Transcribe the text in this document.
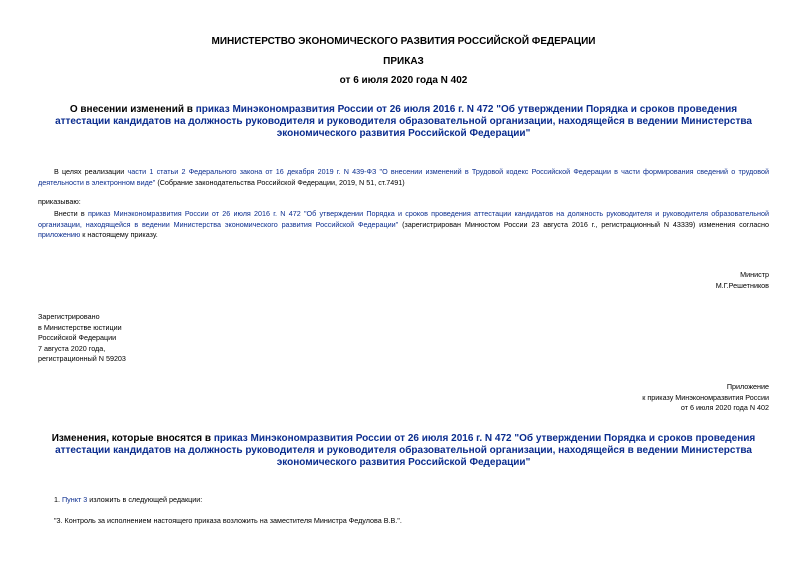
МИНИСТЕРСТВО ЭКОНОМИЧЕСКОГО РАЗВИТИЯ РОССИЙСКОЙ ФЕДЕРАЦИИ
ПРИКАЗ
от 6 июля 2020 года N 402
О внесении изменений в приказ Минэкономразвития России от 26 июля 2016 г. N 472 "Об утверждении Порядка и сроков проведения аттестации кандидатов на должность руководителя и руководителя образовательной организации, находящейся в ведении Министерства экономического развития Российской Федерации"
В целях реализации части 1 статьи 2 Федерального закона от 16 декабря 2019 г. N 439-ФЗ "О внесении изменений в Трудовой кодекс Российской Федерации в части формирования сведений о трудовой деятельности в электронном виде" (Собрание законодательства Российской Федерации, 2019, N 51, ст.7491)
приказываю:
Внести в приказ Минэкономразвития России от 26 июля 2016 г. N 472 "Об утверждении Порядка и сроков проведения аттестации кандидатов на должность руководителя и руководителя образовательной организации, находящейся в ведении Министерства экономического развития Российской Федерации" (зарегистрирован Минюстом России 23 августа 2016 г., регистрационный N 43339) изменения согласно приложению к настоящему приказу.
Министр
М.Г.Решетников
Зарегистрировано
в Министерстве юстиции
Российской Федерации
7 августа 2020 года,
регистрационный N 59203
Приложение
к приказу Минэкономразвития России
от 6 июля 2020 года N 402
Изменения, которые вносятся в приказ Минэкономразвития России от 26 июля 2016 г. N 472 "Об утверждении Порядка и сроков проведения аттестации кандидатов на должность руководителя и руководителя образовательной организации, находящейся в ведении Министерства экономического развития Российской Федерации"
1. Пункт 3 изложить в следующей редакции:
"3. Контроль за исполнением настоящего приказа возложить на заместителя Министра Федулова В.В.".
